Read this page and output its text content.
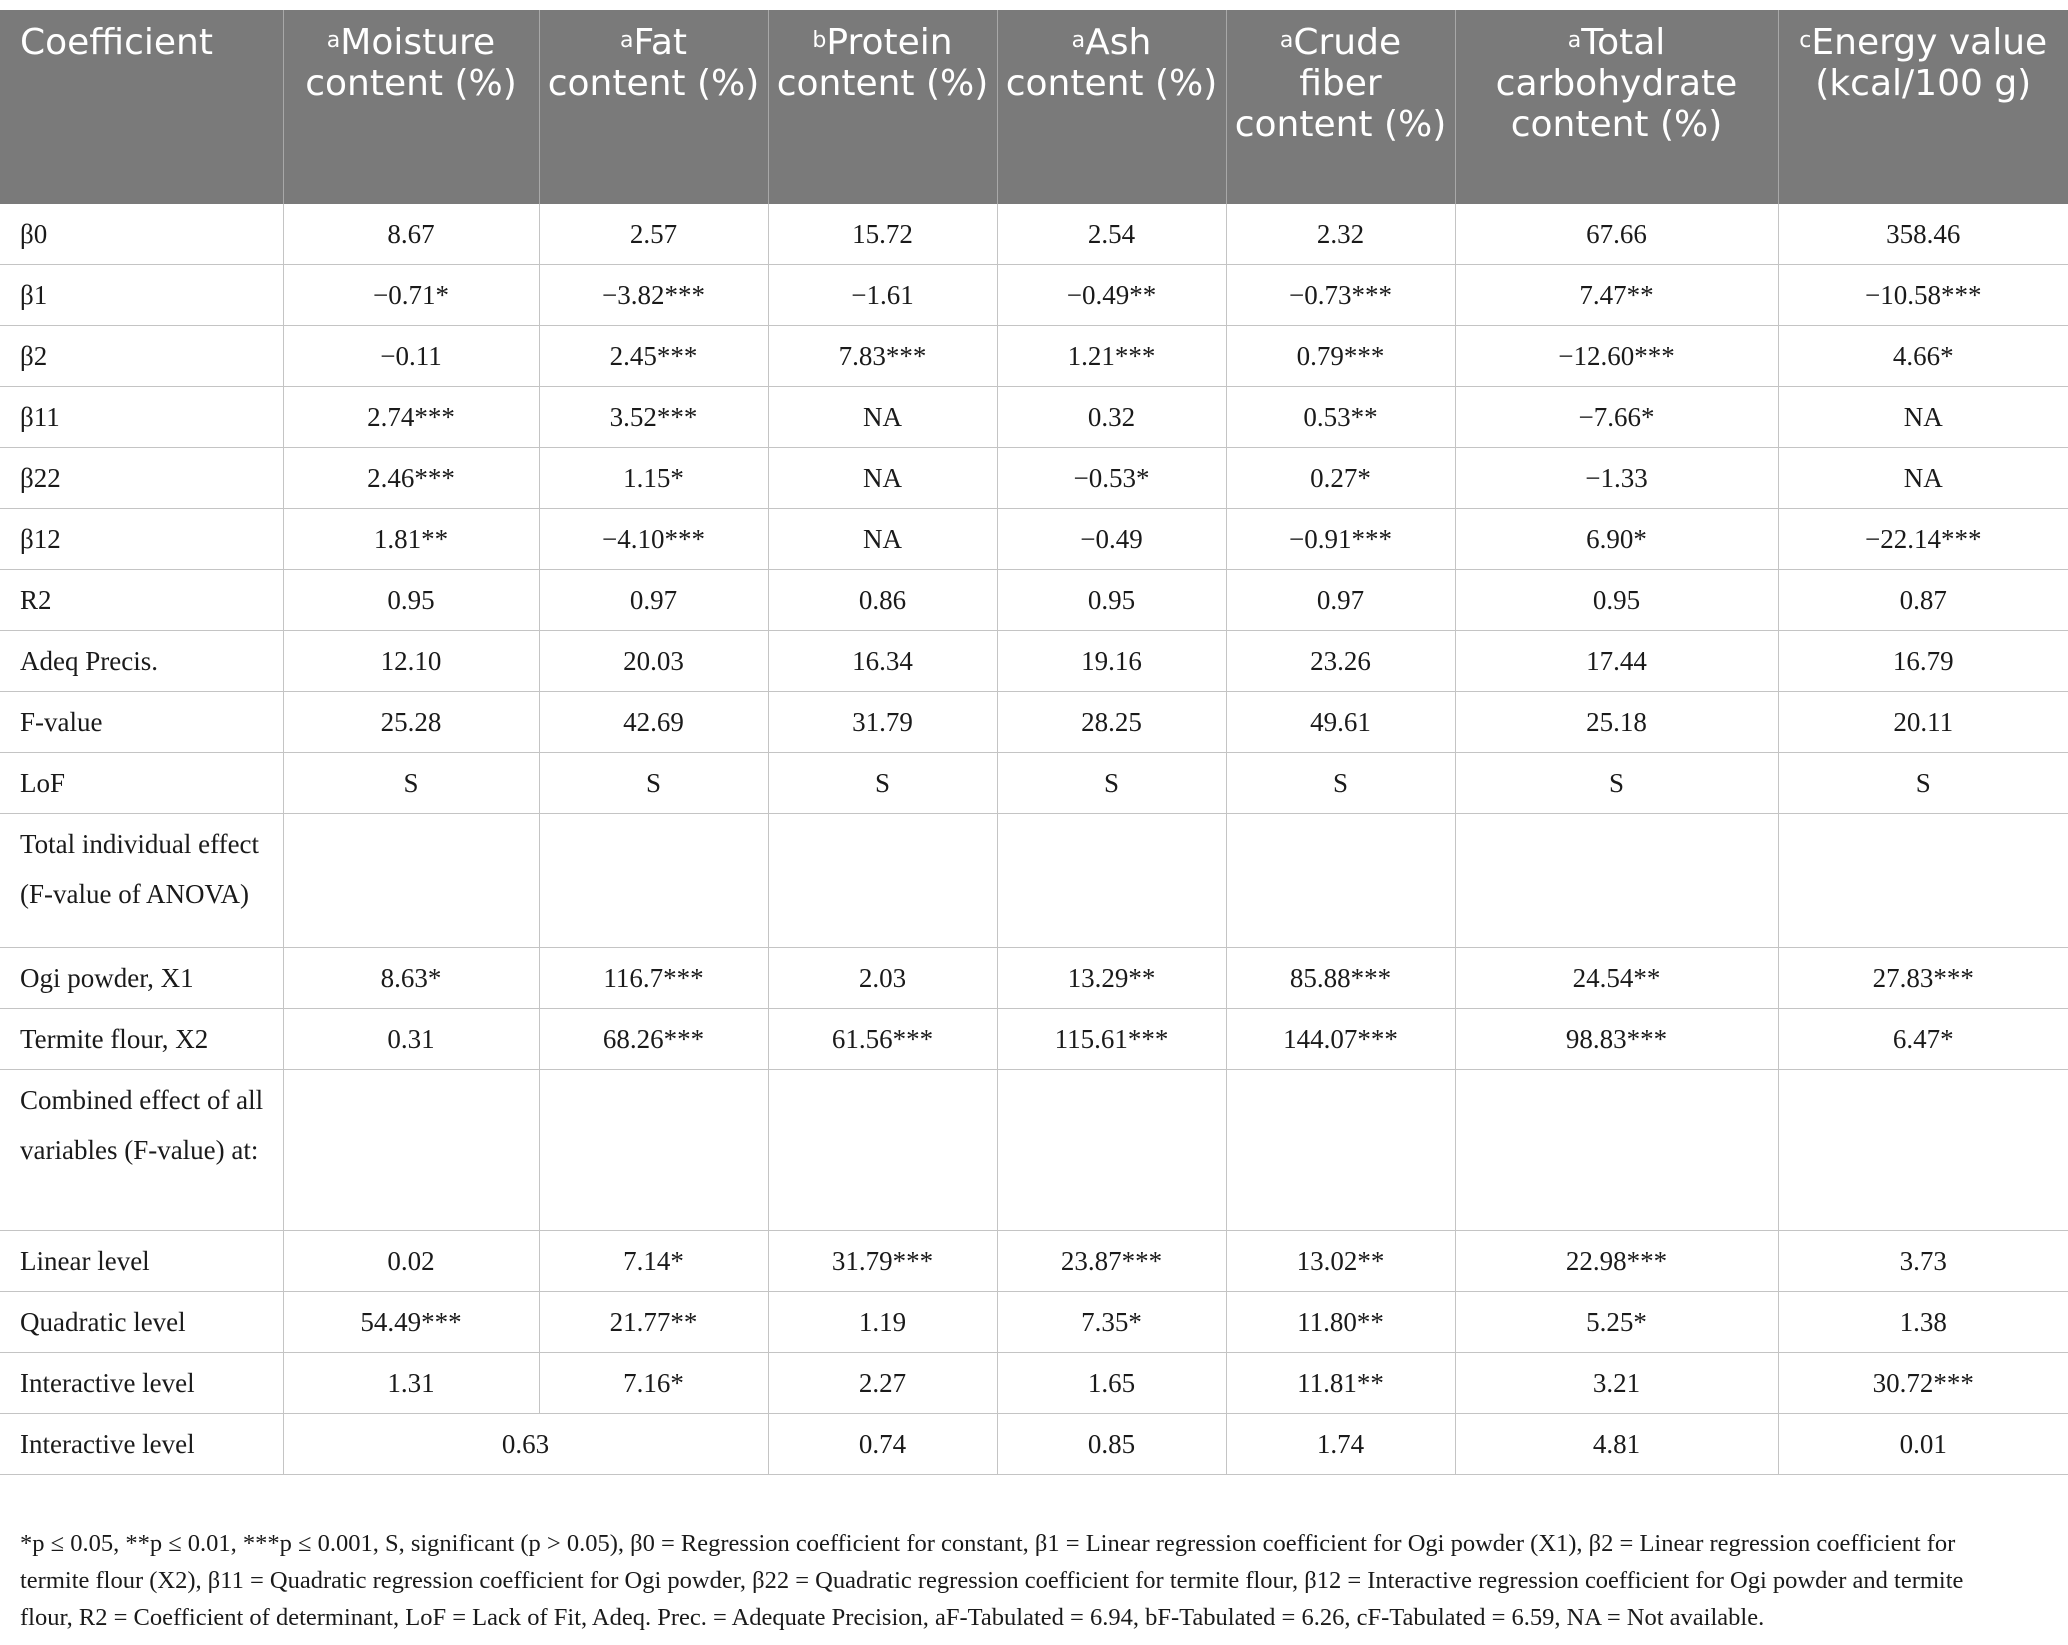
Coefficient	$^a$Moisture content (%)	$^a$Fat content (%)	$^b$Protein content (%)	$^a$Ash content (%)	$^a$Crude fiber content (%)	$^a$Total carbohydrate content (%)	$^c$Energy value (kcal/100 g)
β0	8.67	2.57	15.72	2.54	2.32	67.66	358.46
β1	−0.71*	−3.82***	−1.61	−0.49**	−0.73***	7.47**	−10.58***
β2	−0.11	2.45***	7.83***	1.21***	0.79***	−12.60***	4.66*
β11	2.74***	3.52***	NA	0.32	0.53**	−7.66*	NA
β22	2.46***	1.15*	NA	−0.53*	0.27*	−1.33	NA
β12	1.81**	−4.10***	NA	−0.49	−0.91***	6.90*	−22.14***
R2	0.95	0.97	0.86	0.95	0.97	0.95	0.87
Adeq Precis.	12.10	20.03	16.34	19.16	23.26	17.44	16.79
F-value	25.28	42.69	31.79	28.25	49.61	25.18	20.11
LoF	S	S	S	S	S	S	S
Total individual effect (F-value of ANOVA)							
Ogi powder, X1	8.63*	116.7***	2.03	13.29**	85.88***	24.54**	27.83***
Termite flour, X2	0.31	68.26***	61.56***	115.61***	144.07***	98.83***	6.47*
Combined effect of all variables (F-value) at:							
Linear level	0.02	7.14*	31.79***	23.87***	13.02**	22.98***	3.73
Quadratic level	54.49***	21.77**	1.19	7.35*	11.80**	5.25*	1.38
Interactive level	1.31	7.16*	2.27	1.65	11.81**	3.21	30.72***
Interactive level	0.63		0.74	0.85	1.74	4.81	0.01

*p ≤ 0.05, **p ≤ 0.01, ***p ≤ 0.001, S, significant (p > 0.05), β0 = Regression coefficient for constant, β1 = Linear regression coefficient for Ogi powder (X1), β2 = Linear regression coefficient for

termite flour (X2), β11 = Quadratic regression coefficient for Ogi powder, β22 = Quadratic regression coefficient for termite flour, β12 = Interactive regression coefficient for Ogi powder and termite

flour, R2 = Coefficient of determinant, LoF = Lack of Fit, Adeq. Prec. = Adequate Precision, aF-Tabulated = 6.94, bF-Tabulated = 6.26, cF-Tabulated = 6.59, NA = Not available.
